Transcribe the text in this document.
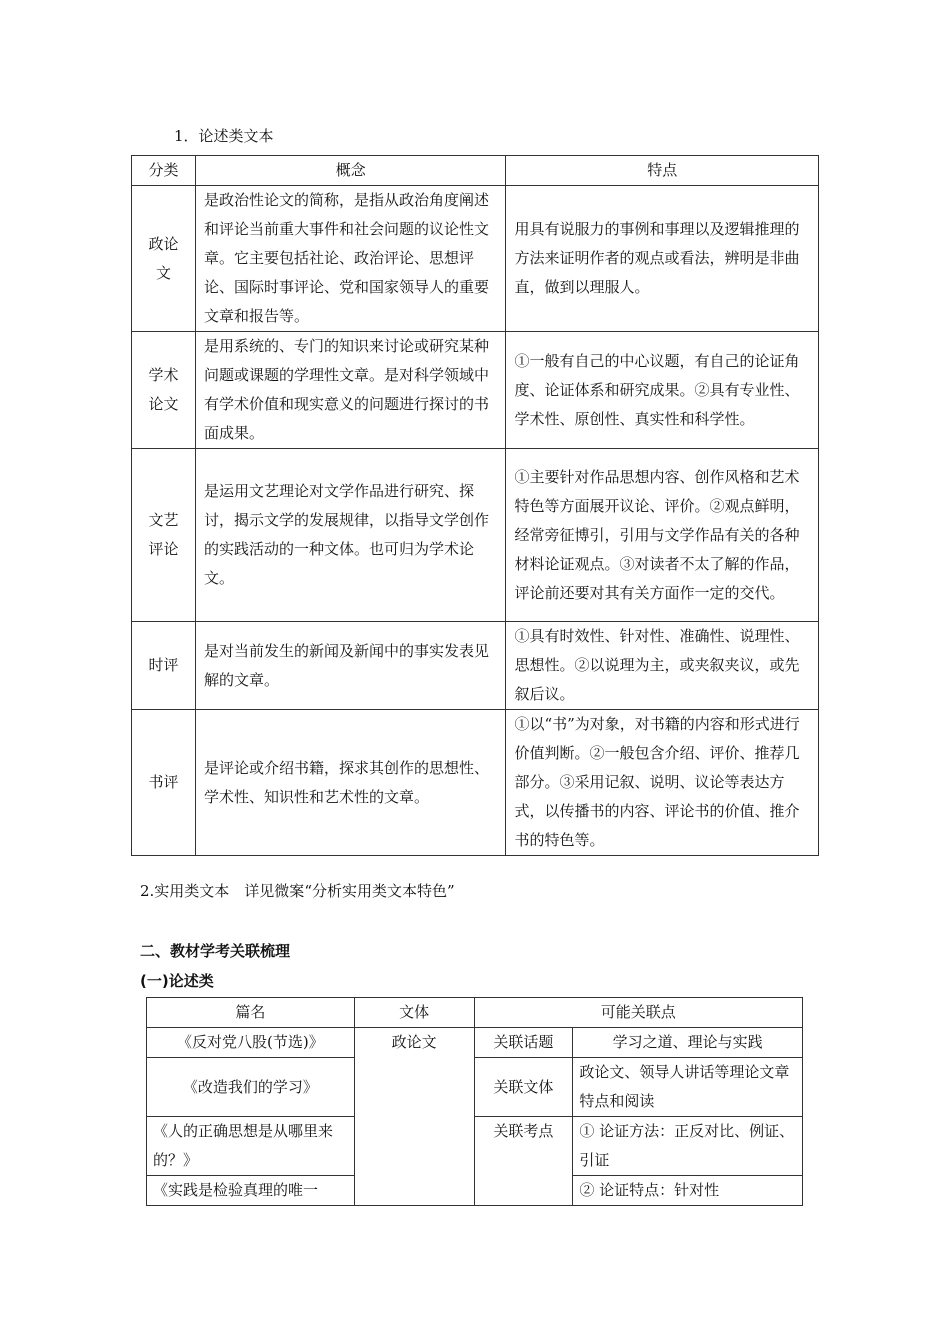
1．论述类文本
分类	概念	特点
政论文	是政治性论文的简称，是指从政治角度阐述和评论当前重大事件和社会问题的议论性文章。它主要包括社论、政治评论、思想评论、国际时事评论、党和国家领导人的重要文章和报告等。	用具有说服力的事例和事理以及逻辑推理的方法来证明作者的观点或看法，辨明是非曲直，做到以理服人。
学术论文	是用系统的、专门的知识来讨论或研究某种问题或课题的学理性文章。是对科学领域中有学术价值和现实意义的问题进行探讨的书面成果。	①一般有自己的中心议题，有自己的论证角度、论证体系和研究成果。②具有专业性、学术性、原创性、真实性和科学性。
文艺评论	是运用文艺理论对文学作品进行研究、探讨，揭示文学的发展规律，以指导文学创作的实践活动的一种文体。也可归为学术论文。	①主要针对作品思想内容、创作风格和艺术特色等方面展开议论、评价。②观点鲜明，经常旁征博引，引用与文学作品有关的各种材料论证观点。③对读者不太了解的作品，评论前还要对其有关方面作一定的交代。
时评	是对当前发生的新闻及新闻中的事实发表见解的文章。	①具有时效性、针对性、准确性、说理性、思想性。②以说理为主，或夹叙夹议，或先叙后议。
书评	是评论或介绍书籍，探求其创作的思想性、学术性、知识性和艺术性的文章。	①以“书”为对象，对书籍的内容和形式进行价值判断。②一般包含介绍、评价、推荐几部分。③采用记叙、说明、议论等表达方式，以传播书的内容、评论书的价值、推介书的特色等。
2.实用类文本　详见微案“分析实用类文本特色”
二、教材学考关联梳理
(一)论述类
篇名	文体	可能关联点	
《反对党八股(节选)》	政论文	关联话题	学习之道、理论与实践
《改造我们的学习》		关联文体	政论文、领导人讲话等理论文章特点和阅读
《人的正确思想是从哪里来的？》		关联考点	① 论证方法：正反对比、例证、引证
《实践是检验真理的唯一			② 论证特点：针对性
